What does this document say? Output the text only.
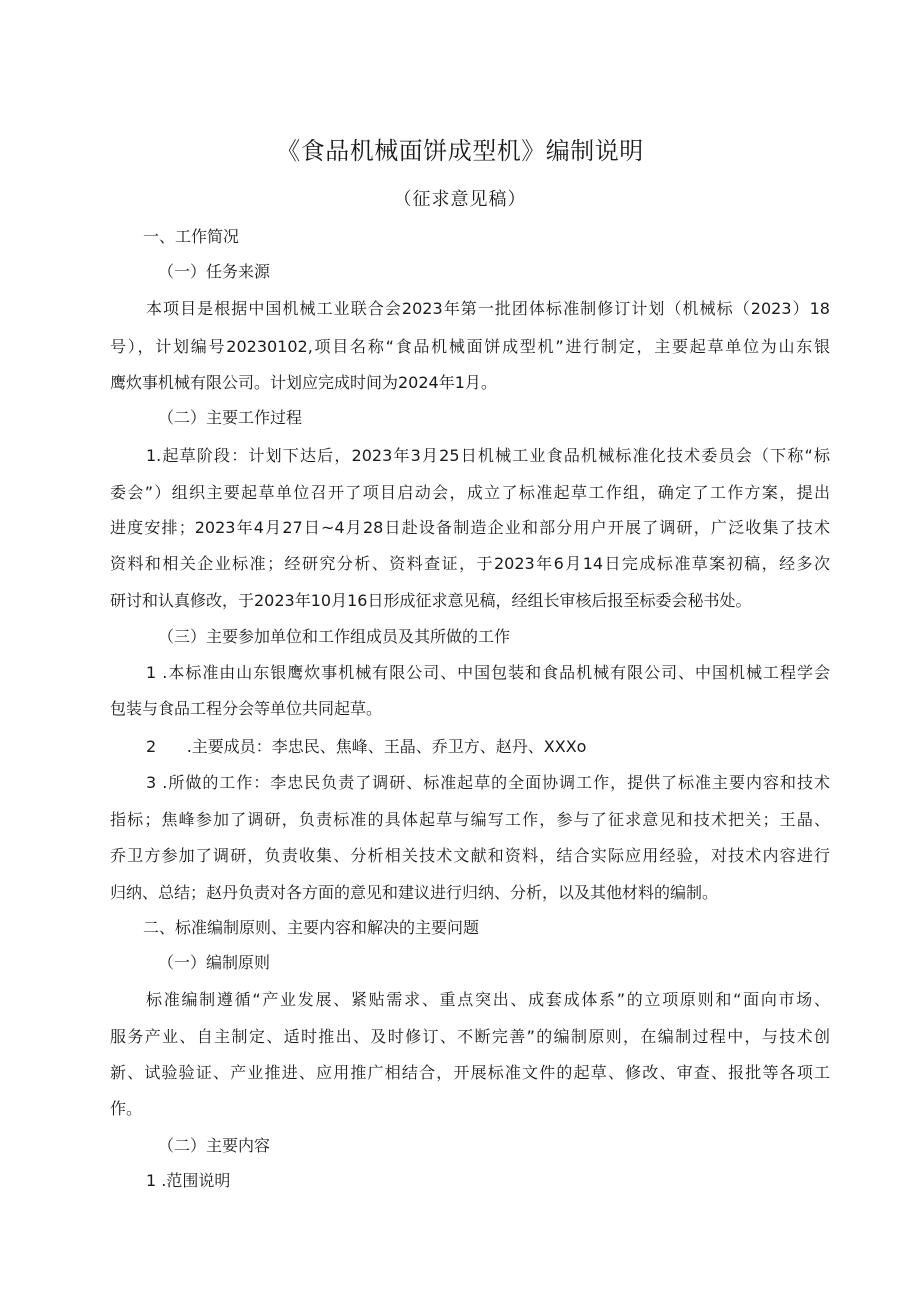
《食品机械面饼成型机》编制说明
（征求意见稿）
一、工作简况
（一）任务来源
本项目是根据中国机械工业联合会2023年第一批团体标准制修订计划（机械标（2023）18
号），计划编号20230102,项目名称“食品机械面饼成型机”进行制定，主要起草单位为山东银
鹰炊事机械有限公司。计划应完成时间为2024年1月。
（二）主要工作过程
1.起草阶段：计划下达后，2023年3月25日机械工业食品机械标准化技术委员会（下称“标
委会”）组织主要起草单位召开了项目启动会，成立了标准起草工作组，确定了工作方案，提出
进度安排；2023年4月27日~4月28日赴设备制造企业和部分用户开展了调研，广泛收集了技术
资料和相关企业标准；经研究分析、资料查证，于2023年6月14日完成标准草案初稿，经多次
研讨和认真修改，于2023年10月16日形成征求意见稿，经组长审核后报至标委会秘书处。
（三）主要参加单位和工作组成员及其所做的工作
1 .本标准由山东银鹰炊事机械有限公司、中国包装和食品机械有限公司、中国机械工程学会
包装与食品工程分会等单位共同起草。
2      .主要成员：李忠民、焦峰、王晶、乔卫方、赵丹、XXXo
3 .所做的工作：李忠民负责了调研、标准起草的全面协调工作，提供了标准主要内容和技术
指标；焦峰参加了调研，负责标准的具体起草与编写工作，参与了征求意见和技术把关；王晶、
乔卫方参加了调研，负责收集、分析相关技术文献和资料，结合实际应用经验，对技术内容进行
归纳、总结；赵丹负责对各方面的意见和建议进行归纳、分析，以及其他材料的编制。
二、标准编制原则、主要内容和解决的主要问题
（一）编制原则
标准编制遵循“产业发展、紧贴需求、重点突出、成套成体系”的立项原则和“面向市场、
服务产业、自主制定、适时推出、及时修订、不断完善”的编制原则，在编制过程中，与技术创
新、试验验证、产业推进、应用推广相结合，开展标准文件的起草、修改、审查、报批等各项工
作。
（二）主要内容
1 .范围说明
